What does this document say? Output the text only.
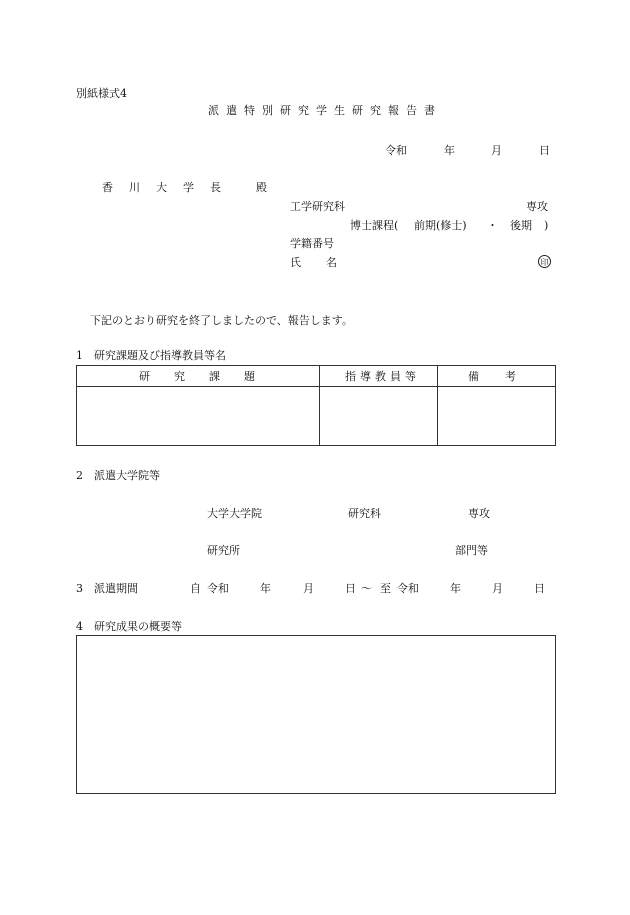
別紙様式4
派遣特別研究学生研究報告書
令和	年	月	日
香川大学長 殿
工学研究科	専攻
博士課程( 前期(修士) ・ 後期 )
学籍番号
氏 名	印
下記のとおり研究を終了しましたので、報告します。
1 研究課題及び指導教員等名
研究課題	指導教員等	備考
2 派遣大学院等
大学大学院	研究科	専攻
研究所	部門等
3 派遣期間	自 令和	年	月	日 〜 至 令和	年	月	日
4 研究成果の概要等
